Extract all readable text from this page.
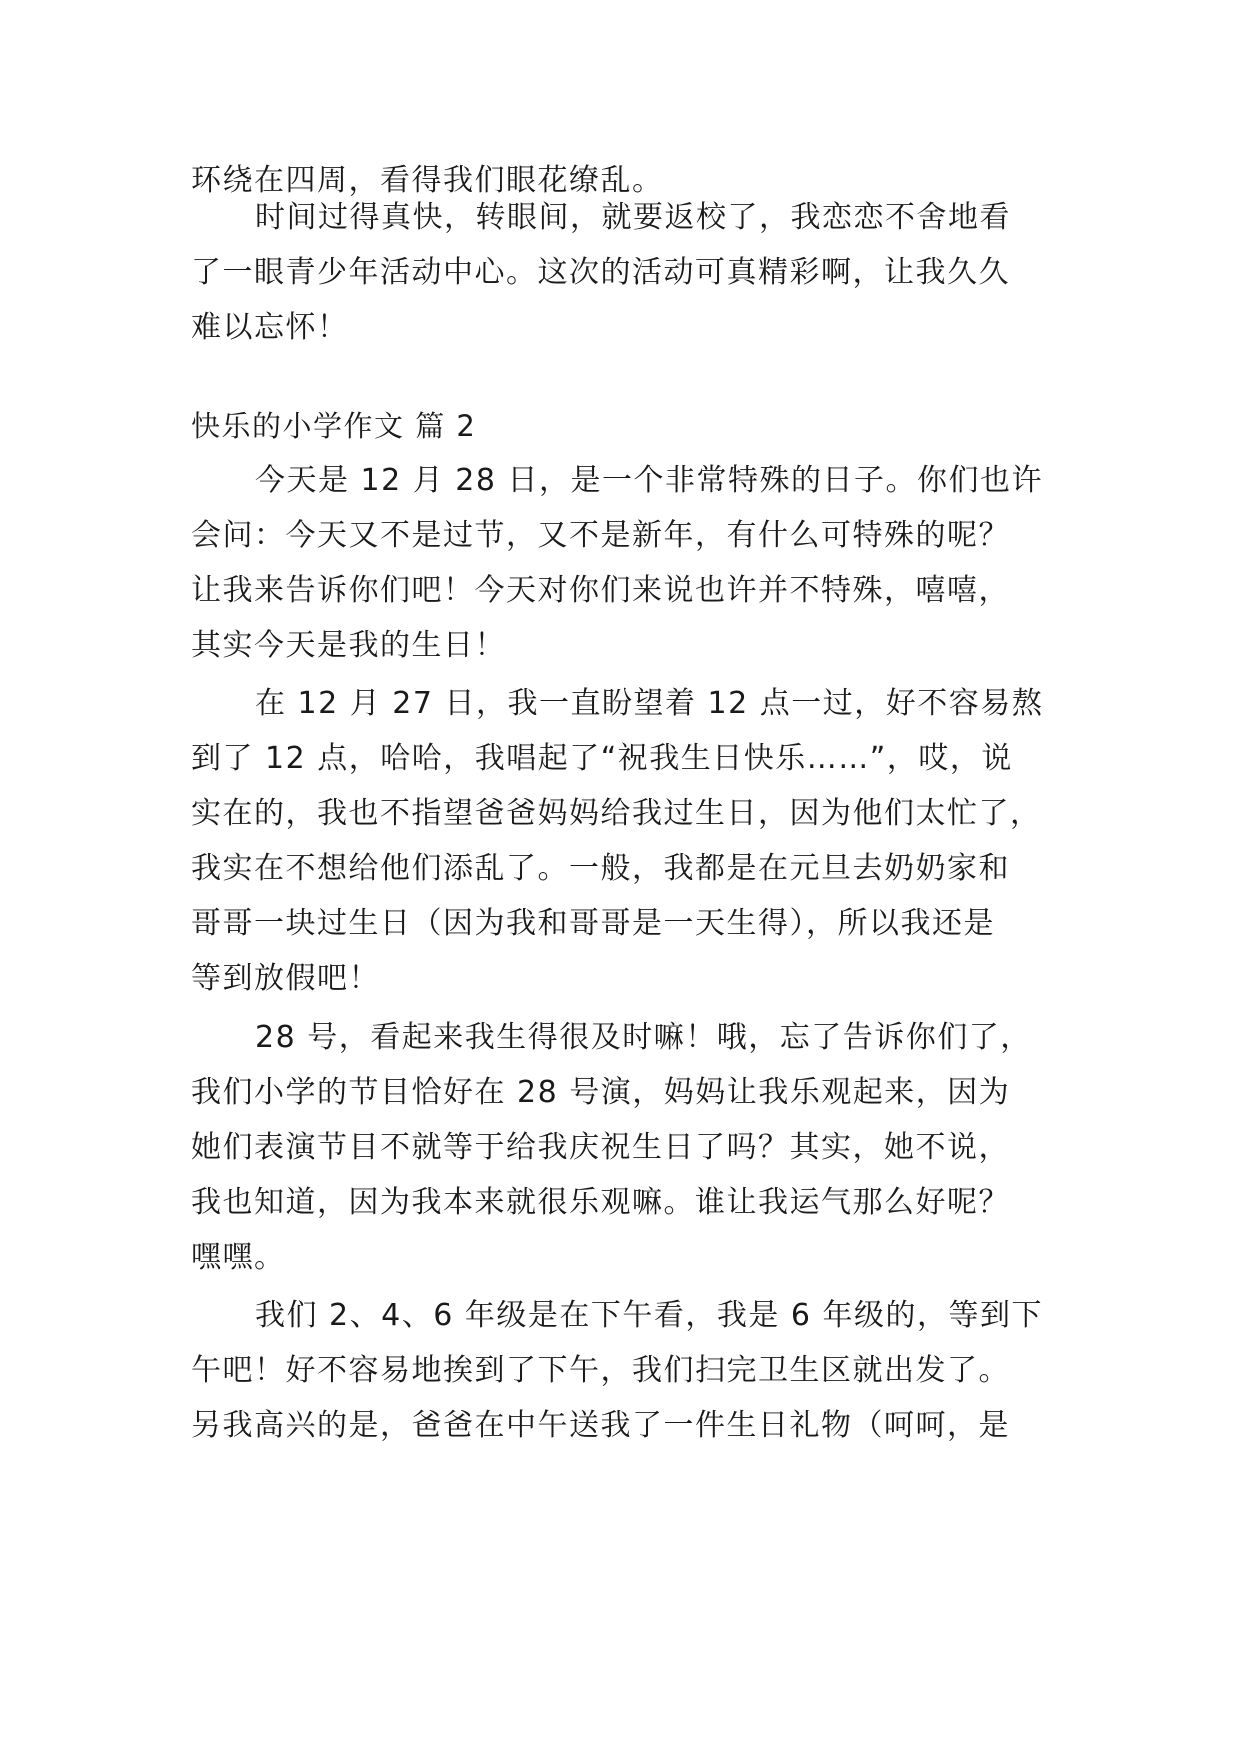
环绕在四周，看得我们眼花缭乱。
时间过得真快，转眼间，就要返校了，我恋恋不舍地看
了一眼青少年活动中心。这次的活动可真精彩啊，让我久久
难以忘怀！
快乐的小学作文 篇 2
今天是 12 月 28 日，是一个非常特殊的日子。你们也许
会问：今天又不是过节，又不是新年，有什么可特殊的呢？
让我来告诉你们吧！今天对你们来说也许并不特殊，嘻嘻，
其实今天是我的生日！
在 12 月 27 日，我一直盼望着 12 点一过，好不容易熬
到了 12 点，哈哈，我唱起了“祝我生日快乐……”，哎，说
实在的，我也不指望爸爸妈妈给我过生日，因为他们太忙了，
我实在不想给他们添乱了。一般，我都是在元旦去奶奶家和
哥哥一块过生日（因为我和哥哥是一天生得），所以我还是
等到放假吧！
28 号，看起来我生得很及时嘛！哦，忘了告诉你们了，
我们小学的节目恰好在 28 号演，妈妈让我乐观起来，因为
她们表演节目不就等于给我庆祝生日了吗？其实，她不说，
我也知道，因为我本来就很乐观嘛。谁让我运气那么好呢？
嘿嘿。
我们 2、4、6 年级是在下午看，我是 6 年级的，等到下
午吧！好不容易地挨到了下午，我们扫完卫生区就出发了。
另我高兴的是，爸爸在中午送我了一件生日礼物（呵呵，是
